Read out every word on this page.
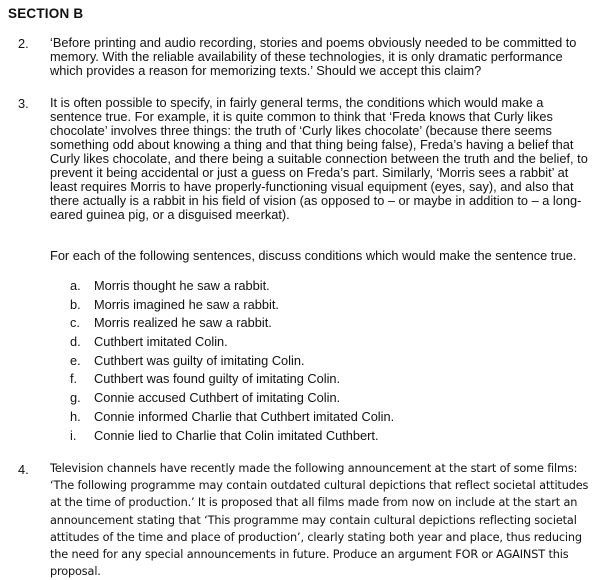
SECTION B
2. ‘Before printing and audio recording, stories and poems obviously needed to be committed to memory. With the reliable availability of these technologies, it is only dramatic performance which provides a reason for memorizing texts.’ Should we accept this claim?

3. It is often possible to specify, in fairly general terms, the conditions which would make a sentence true. For example, it is quite common to think that ‘Freda knows that Curly likes chocolate’ involves three things: the truth of ‘Curly likes chocolate’ (because there seems something odd about knowing a thing and that thing being false), Freda’s having a belief that Curly likes chocolate, and there being a suitable connection between the truth and the belief, to prevent it being accidental or just a guess on Freda’s part. Similarly, ‘Morris sees a rabbit’ at least requires Morris to have properly-functioning visual equipment (eyes, say), and also that there actually is a rabbit in his field of vision (as opposed to – or maybe in addition to – a long-eared guinea pig, or a disguised meerkat).

For each of the following sentences, discuss conditions which would make the sentence true.

a.	Morris thought he saw a rabbit.
b.	Morris imagined he saw a rabbit.
c.	Morris realized he saw a rabbit.
d.	Cuthbert imitated Colin.
e.	Cuthbert was guilty of imitating Colin.
f.	Cuthbert was found guilty of imitating Colin.
g.	Connie accused Cuthbert of imitating Colin.
h.	Connie informed Charlie that Cuthbert imitated Colin.
i.	Connie lied to Charlie that Colin imitated Cuthbert.
4. Television channels have recently made the following announcement at the start of some films: ‘The following programme may contain outdated cultural depictions that reflect societal attitudes at the time of production.’ It is proposed that all films made from now on include at the start an announcement stating that ‘This programme may contain cultural depictions reflecting societal attitudes of the time and place of production’, clearly stating both year and place, thus reducing the need for any special announcements in future. Produce an argument FOR or AGAINST this proposal.
